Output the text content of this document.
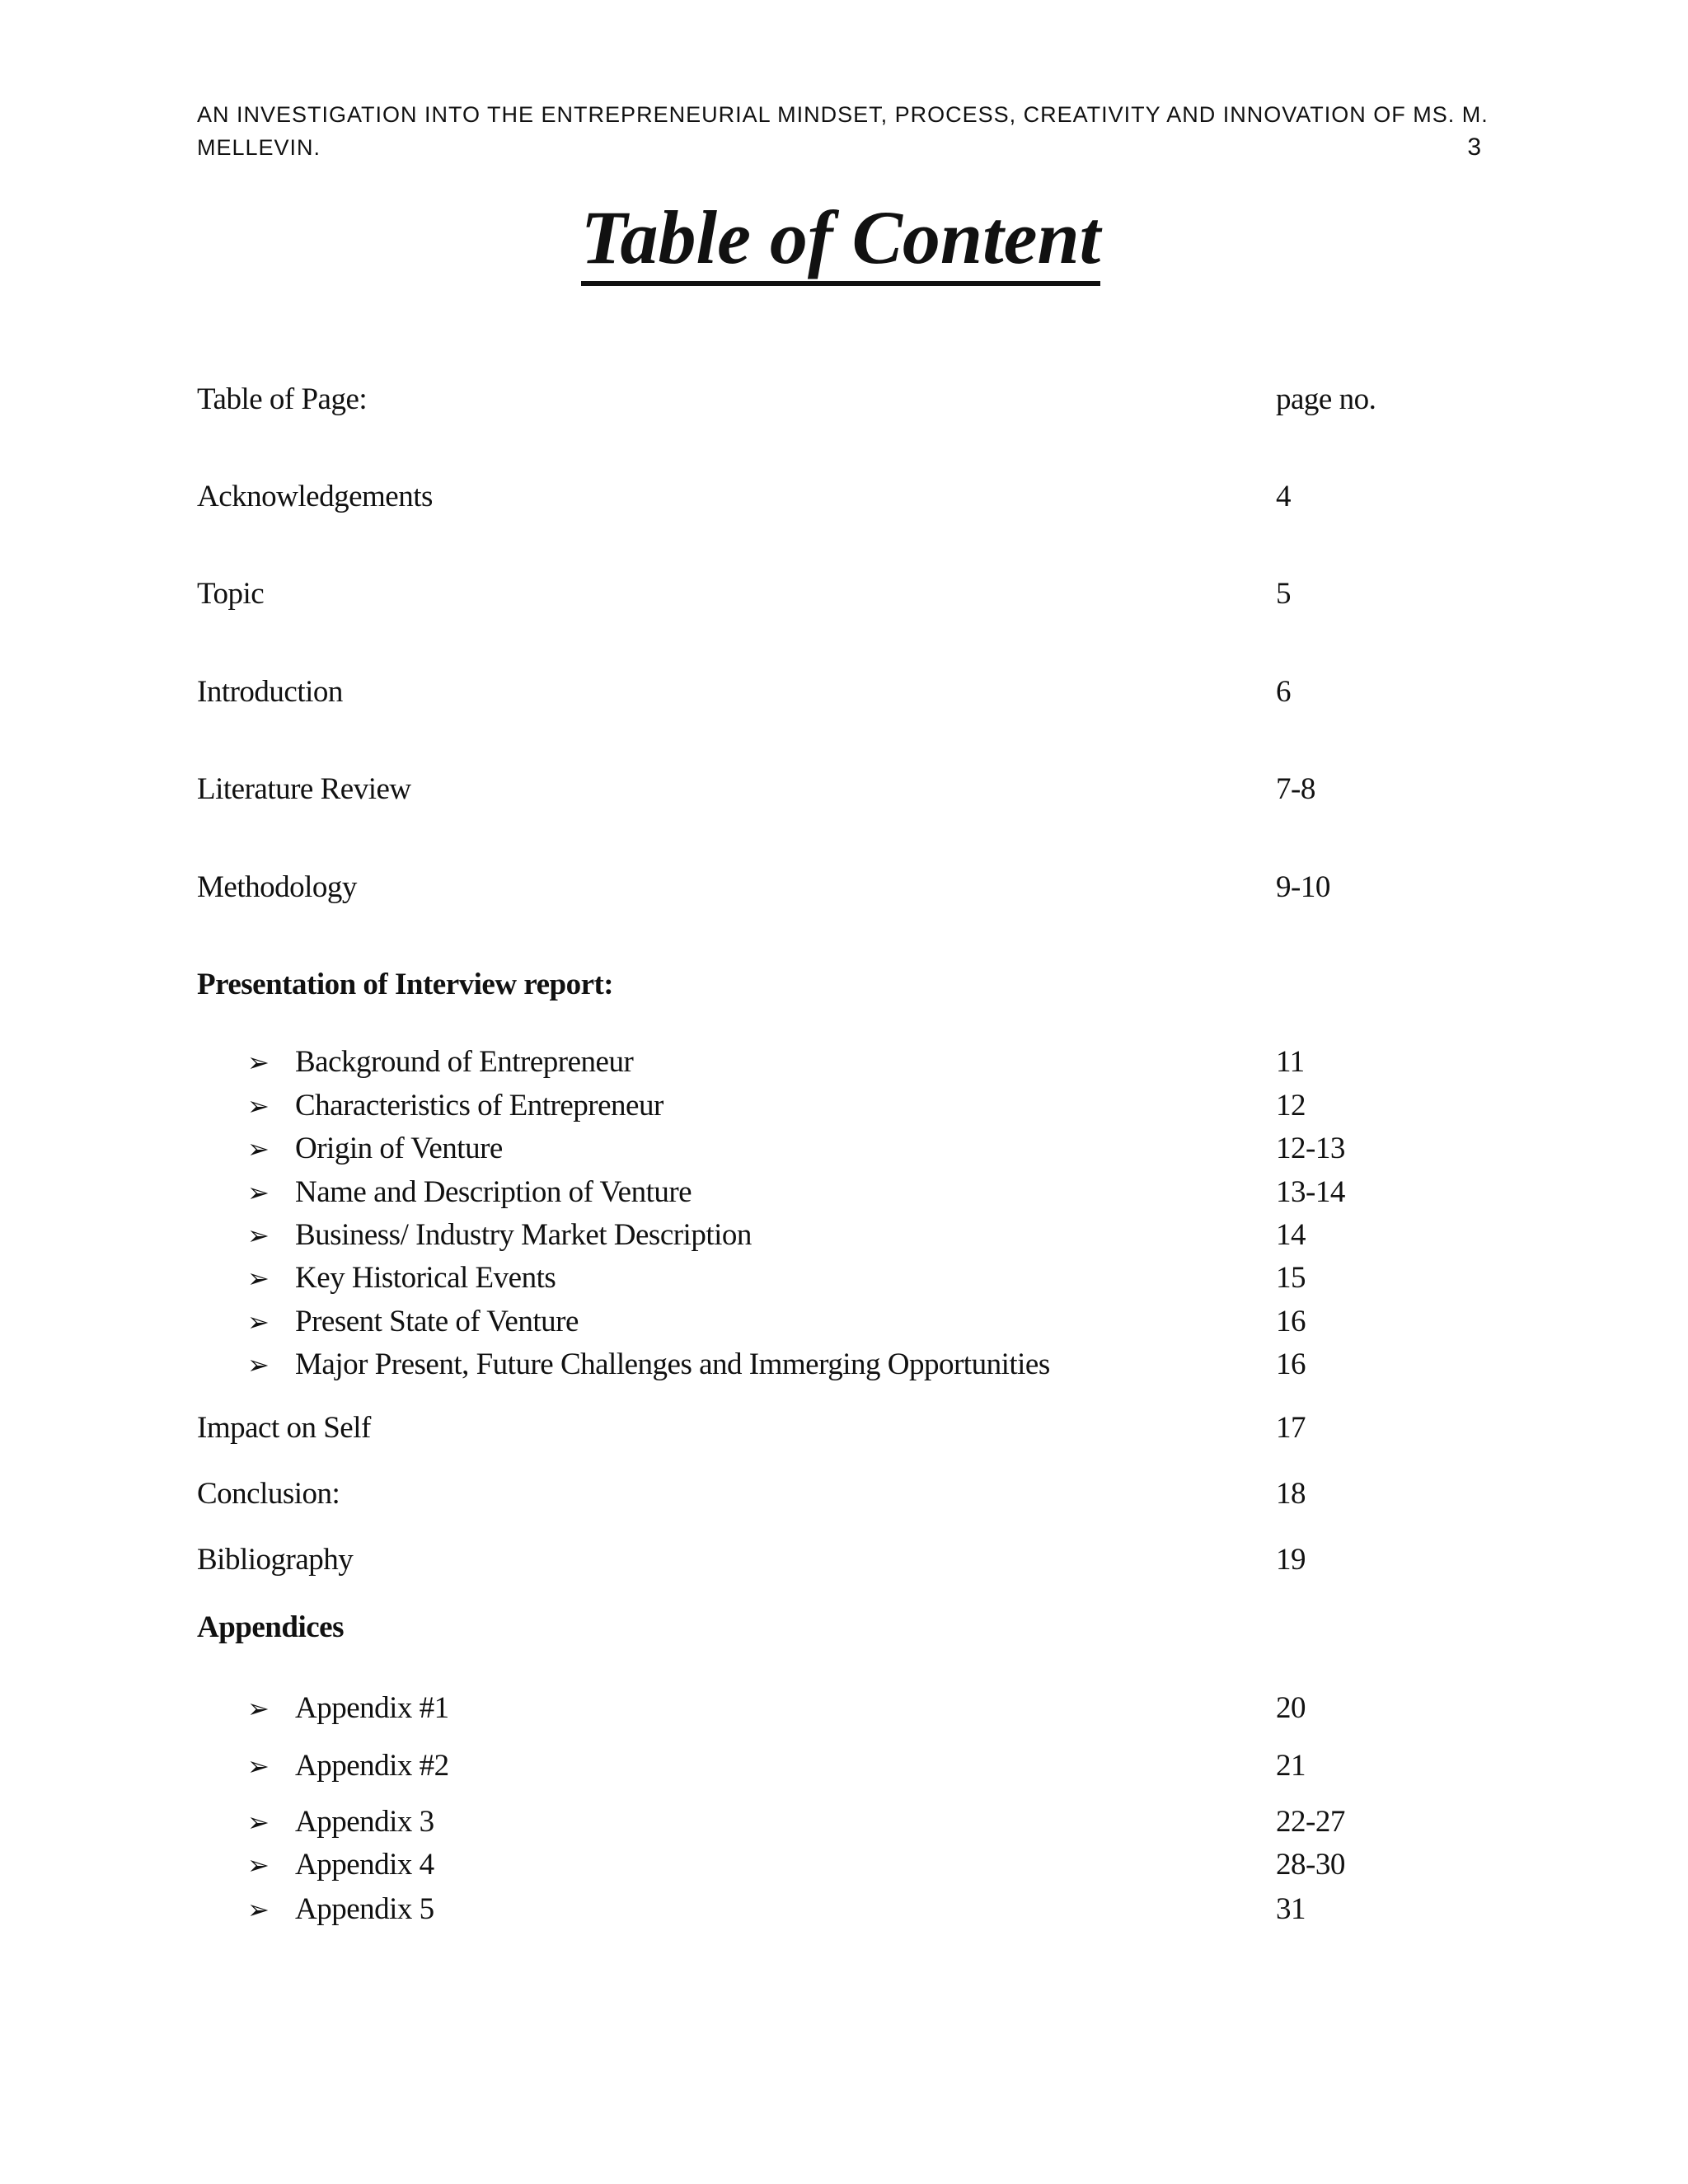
AN INVESTIGATION INTO THE ENTREPRENEURIAL MINDSET, PROCESS, CREATIVITY AND INNOVATION OF MS. M.
MELLEVIN.	3
Table of Content
Table of Page:	page no.
Acknowledgements	4
Topic	5
Introduction	6
Literature Review	7-8
Methodology	9-10
Presentation of Interview report:
➢ Background of Entrepreneur	11
➢ Characteristics of Entrepreneur	12
➢ Origin of Venture	12-13
➢ Name and Description of Venture	13-14
➢ Business/ Industry Market Description	14
➢ Key Historical Events	15
➢ Present State of Venture	16
➢ Major Present, Future Challenges and Immerging Opportunities	16
Impact on Self	17
Conclusion:	18
Bibliography	19
Appendices
➢ Appendix #1	20
➢ Appendix #2	21
➢ Appendix 3	22-27
➢ Appendix 4	28-30
➢ Appendix 5	31
